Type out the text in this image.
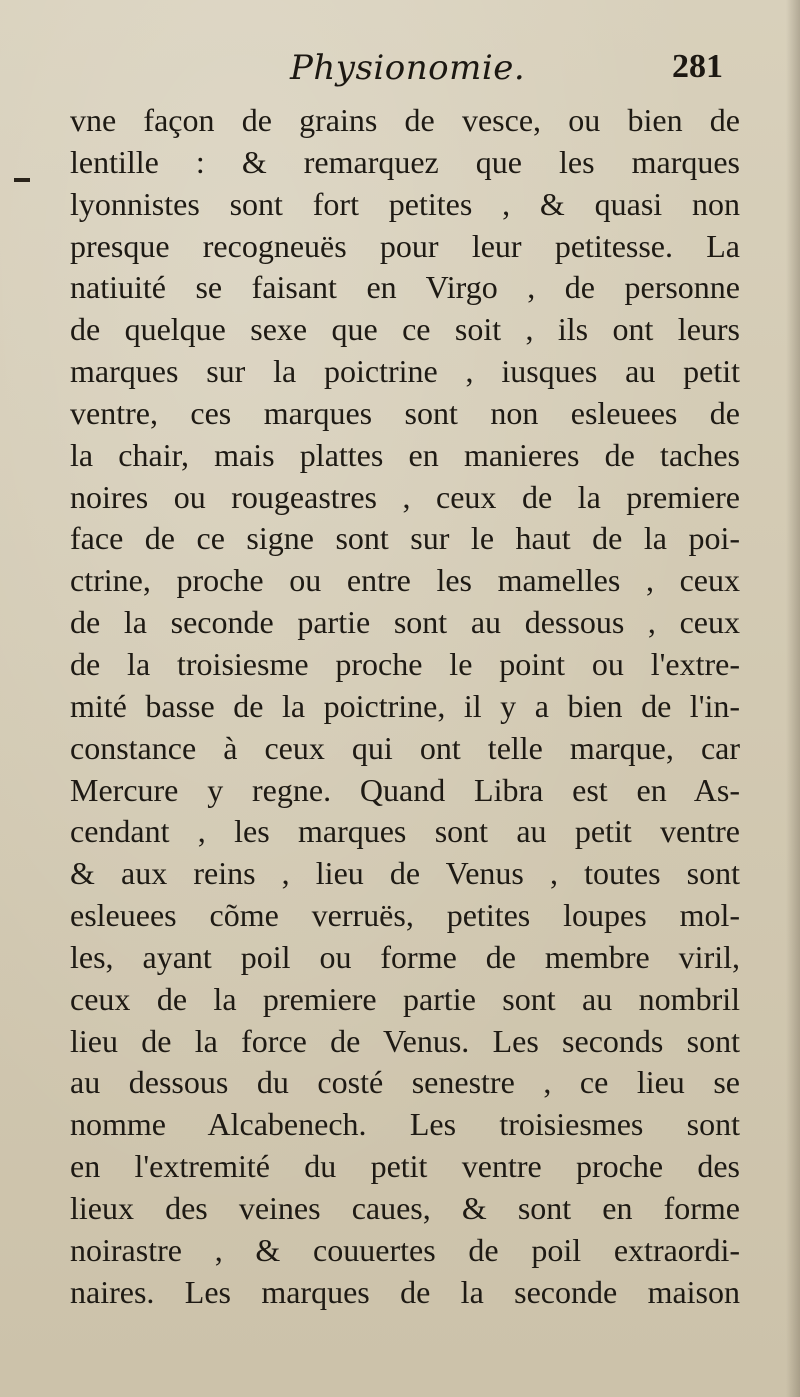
Physionomie.	281
vne façon de grains de vesce, ou bien de
lentille : & remarquez que les marques
lyonnistes sont fort petites , & quasi non
presque recogneuës pour leur petitesse. La
natiuité se faisant en Virgo , de personne
de quelque sexe que ce soit , ils ont leurs
marques sur la poictrine , iusques au petit
ventre, ces marques sont non esleuees de
la chair, mais plattes en manieres de taches
noires ou rougeastres , ceux de la premiere
face de ce signe sont sur le haut de la poi-
ctrine, proche ou entre les mamelles , ceux
de la seconde partie sont au dessous , ceux
de la troisiesme proche le point ou l'extre-
mité basse de la poictrine, il y a bien de l'in-
constance à ceux qui ont telle marque, car
Mercure y regne. Quand Libra est en As-
cendant , les marques sont au petit ventre
& aux reins , lieu de Venus , toutes sont
esleuees cõme verruës, petites loupes mol-
les, ayant poil ou forme de membre viril,
ceux de la premiere partie sont au nombril
lieu de la force de Venus. Les seconds sont
au dessous du costé senestre , ce lieu se
nomme Alcabenech. Les troisiesmes sont
en l'extremité du petit ventre proche des
lieux des veines caues, & sont en forme
noirastre , & couuertes de poil extraordi-
naires. Les marques de la seconde maison
